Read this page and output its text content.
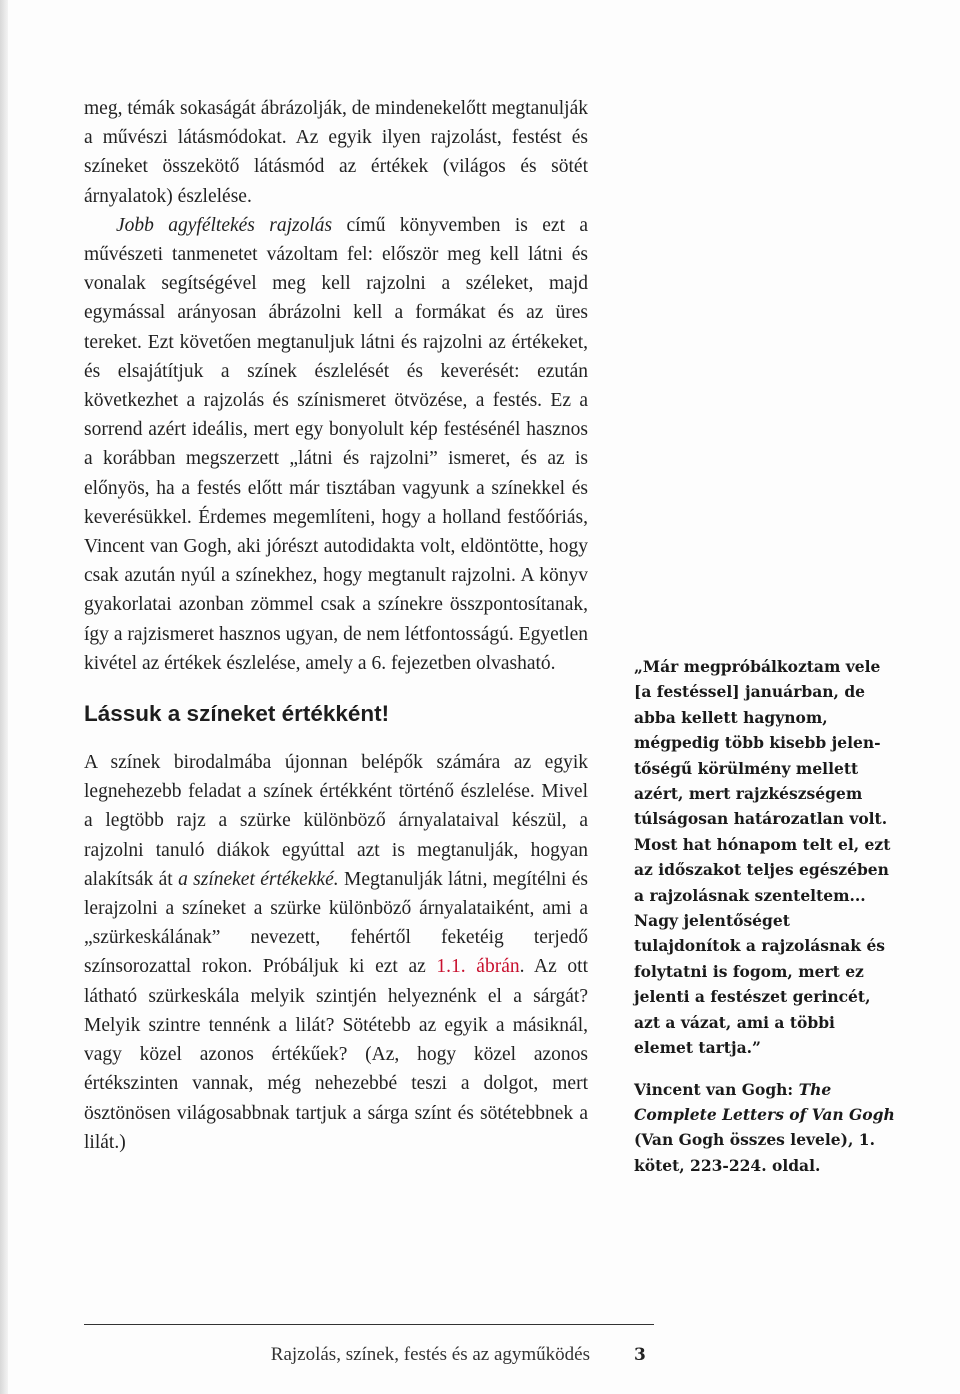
meg, témák sokaságát ábrázolják, de mindenekelőtt megtanulják a művészi látásmódokat. Az egyik ilyen rajzolást, festést és színeket összekötő látásmód az értékek (világos és sötét árnyalatok) észlelése.

Jobb agyféltekés rajzolás című könyvemben is ezt a művészeti tanmenetet vázoltam fel: először meg kell látni és vonalak segítségével meg kell rajzolni a széleket, majd egymással arányosan ábrázolni kell a formákat és az üres tereket. Ezt követően megtanuljuk látni és rajzolni az értékeket, és elsajátítjuk a színek észlelését és keverését: ezután következhet a rajzolás és színismeret ötvözése, a festés. Ez a sorrend azért ideális, mert egy bonyolult kép festésénél hasznos a korábban megszerzett „látni és rajzolni” ismeret, és az is előnyös, ha a festés előtt már tisztában vagyunk a színekkel és keverésükkel. Érdemes megemlíteni, hogy a holland festőóriás, Vincent van Gogh, aki jórészt autodidakta volt, eldöntötte, hogy csak azután nyúl a színekhez, hogy megtanult rajzolni. A könyv gyakorlatai azonban zömmel csak a színekre összpontosítanak, így a rajzismeret hasznos ugyan, de nem létfontosságú. Egyetlen kivétel az értékek észlelése, amely a 6. fejezetben olvasható.

Lássuk a színeket értékként!

A színek birodalmába újonnan belépők számára az egyik legnehezebb feladat a színek értékként történő észlelése. Mivel a legtöbb rajz a szürke különböző árnyalataival készül, a rajzolni tanuló diákok egyúttal azt is megtanulják, hogyan alakítsák át a színeket értékekké. Megtanulják látni, megítélni és lerajzolni a színeket a szürke különböző árnyalataiként, ami a „szürkeskálának” nevezett, fehértől feketéig terjedő színsorozattal rokon. Próbáljuk ki ezt az 1.1. ábrán. Az ott látható szürkeskála melyik szintjén helyeznénk el a sárgát? Melyik szintre tennénk a lilát? Sötétebb az egyik a másiknál, vagy közel azonos értékűek? (Az, hogy közel azonos értékszinten vannak, még nehezebbé teszi a dolgot, mert ösztönösen világosabbnak tartjuk a sárga színt és sötétebbnek a lilát.)

„Már megpróbálkoztam vele [a festéssel] januárban, de abba kellett hagynom, mégpedig több kisebb jelentőségű körülmény mellett azért, mert rajzkészségem túlságosan határozatlan volt. Most hat hónapom telt el, ezt az időszakot teljes egészében a rajzolásnak szenteltem... Nagy jelentőséget tulajdonítok a rajzolásnak és folytatni is fogom, mert ez jelenti a festészet gerincét, azt a vázat, ami a többi elemet tartja.”

Vincent van Gogh: The Complete Letters of Van Gogh (Van Gogh összes levele), 1. kötet, 223-224. oldal.

Rajzolás, színek, festés és az agyműködés	3
